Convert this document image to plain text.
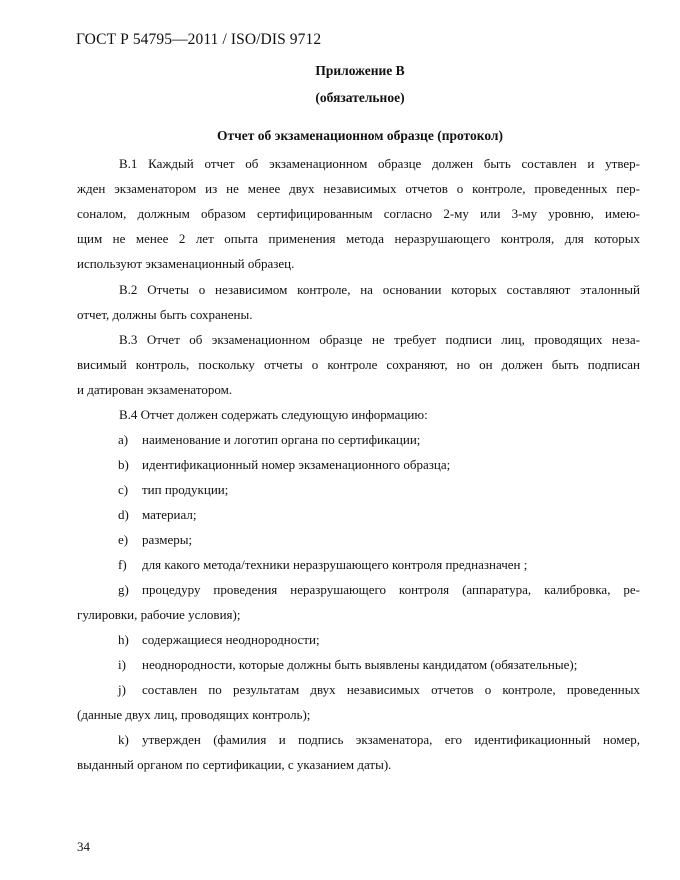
ГОСТ Р 54795—2011 / ISO/DIS 9712
Приложение В
(обязательное)
Отчет об экзаменационном образце (протокол)
В.1 Каждый отчет об экзаменационном образце должен быть составлен и утвер-
жден экзаменатором из не менее двух независимых отчетов о контроле, проведенных пер-
соналом, должным образом сертифицированным согласно 2-му или 3-му уровню, имею-
щим не менее 2 лет опыта применения метода неразрушающего контроля, для которых
используют экзаменационный образец.
В.2 Отчеты о независимом контроле, на основании которых составляют эталонный
отчет, должны быть сохранены.
В.3 Отчет об экзаменационном образце не требует подписи лиц, проводящих неза-
висимый контроль, поскольку отчеты о контроле сохраняют, но он должен быть подписан
и датирован экзаменатором.
В.4 Отчет должен содержать следующую информацию:
a) наименование и логотип органа по сертификации;
b) идентификационный номер экзаменационного образца;
c) тип продукции;
d) материал;
e) размеры;
f) для какого метода/техники неразрушающего контроля предназначен ;
g) процедуру проведения неразрушающего контроля (аппаратура, калибровка, ре-
гулировки, рабочие условия);
h) содержащиеся неоднородности;
i) неоднородности, которые должны быть выявлены кандидатом (обязательные);
j) составлен по результатам двух независимых отчетов о контроле, проведенных
(данные двух лиц, проводящих контроль);
k) утвержден (фамилия и подпись экзаменатора, его идентификационный номер,
выданный органом по сертификации, с указанием даты).
34
